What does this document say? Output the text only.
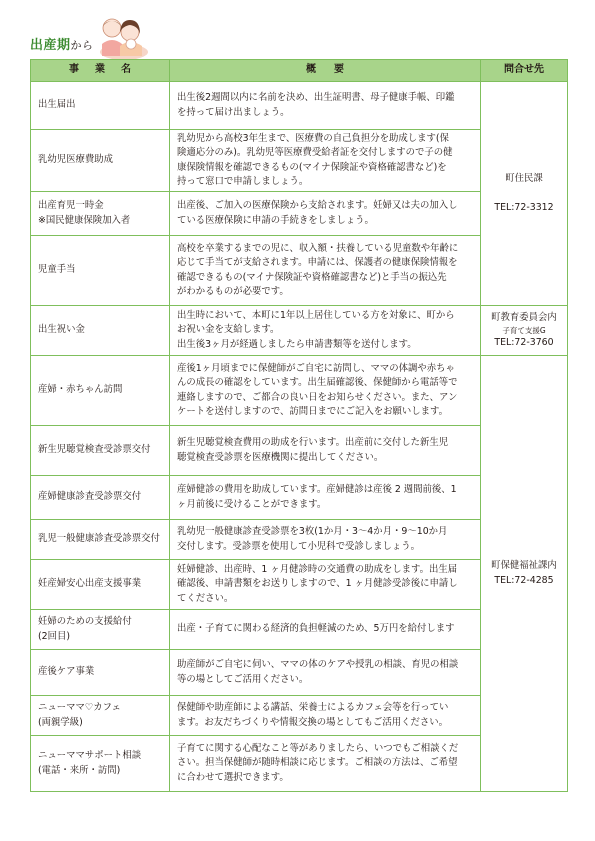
出産期から
事業名	概要	問合せ先

出生届出	出生後2週間以内に名前を決め、出生証明書、母子健康手帳、印鑑
を持って届け出ましょう。	町住民課

TEL:72-3312

乳幼児医療費助成	乳幼児から高校3年生まで、医療費の自己負担分を助成します(保
険適応分のみ)。乳幼児等医療費受給者証を交付しますので子の健
康保険情報を確認できるもの(マイナ保険証や資格確認書など)を
持って窓口で申請しましょう。	

出産育児一時金
※国民健康保険加入者	出産後、ご加入の医療保険から支給されます。妊婦又は夫の加入し
ている医療保険に申請の手続きをしましょう。	

児童手当	高校を卒業するまでの児に、収入額・扶養している児童数や年齢に
応じて手当てが支給されます。申請には、保護者の健康保険情報を
確認できるもの(マイナ保険証や資格確認書など)と手当の振込先
がわかるものが必要です。	

出生祝い金	出生時において、本町に1年以上居住している方を対象に、町から
お祝い金を支給します。
出生後3ヶ月が経過しましたら申請書類等を送付します。	町教育委員会内
子育て支援G
TEL:72-3760

産婦・赤ちゃん訪問	産後1ヶ月頃までに保健師がご自宅に訪問し、ママの体調や赤ちゃ
んの成長の確認をしています。出生届確認後、保健師から電話等で
連絡しますので、ご都合の良い日をお知らせください。また、アン
ケートを送付しますので、訪問日までにご記入をお願いします。	町保健福祉課内
TEL:72-4285

新生児聴覚検査受診票交付	新生児聴覚検査費用の助成を行います。出産前に交付した新生児
聴覚検査受診票を医療機関に提出してください。	

産婦健康診査受診票交付	産婦健診の費用を助成しています。産婦健診は産後 2 週間前後、1
ヶ月前後に受けることができます。	

乳児一般健康診査受診票交付	乳幼児一般健康診査受診票を3枚(1か月・3～4か月・9～10か月
交付します。受診票を使用して小児科で受診しましょう。	

妊産婦安心出産支援事業	妊婦健診、出産時、1 ヶ月健診時の交通費の助成をします。出生届
確認後、申請書類をお送りしますので、1 ヶ月健診受診後に申請し
てください。	

妊婦のための支援給付
(2回目)	出産・子育てに関わる経済的負担軽減のため、5万円を給付します	

産後ケア事業	助産師がご自宅に伺い、ママの体のケアや授乳の相談、育児の相談
等の場としてご活用ください。	

ニューママ♡カフェ
(両親学級)	保健師や助産師による講話、栄養士によるカフェ会等を行ってい
ます。お友だちづくりや情報交換の場としてもご活用ください。	

ニューママサポート相談
(電話・来所・訪問)	子育てに関する心配なこと等がありましたら、いつでもご相談くだ
さい。担当保健師が随時相談に応じます。ご相談の方法は、ご希望
に合わせて選択できます。	
